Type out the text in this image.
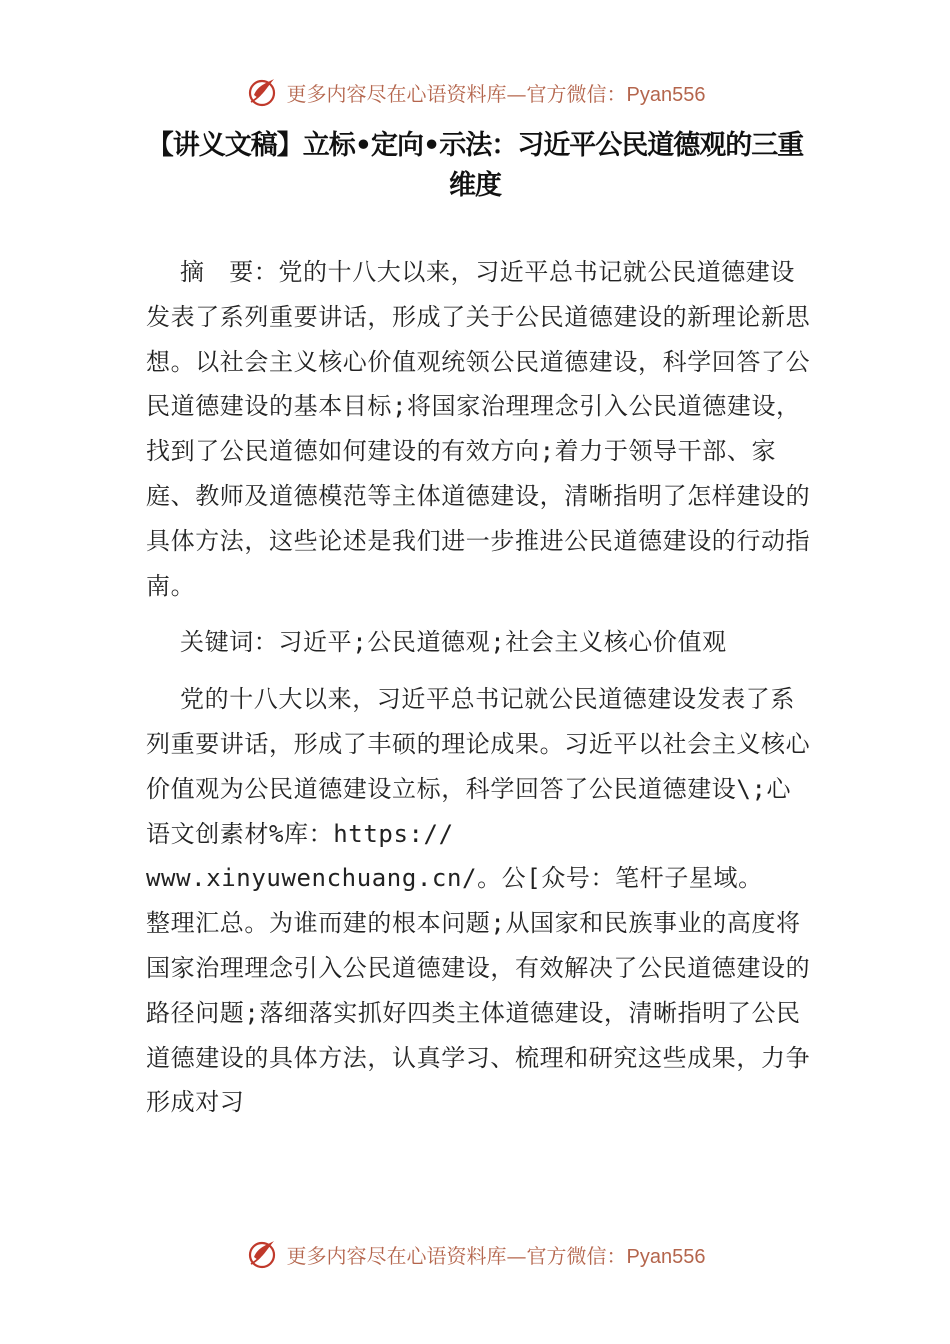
更多内容尽在心语资料库—官方微信：Pyan556
【讲义文稿】立标•定向•示法：习近平公民道德观的三重
维度

摘　要：党的十八大以来，习近平总书记就公民道德建设发表了系列重要讲话，形成了关于公民道德建设的新理论新思想。以社会主义核心价值观统领公民道德建设，科学回答了公民道德建设的基本目标;将国家治理理念引入公民道德建设，找到了公民道德如何建设的有效方向;着力于领导干部、家庭、教师及道德模范等主体道德建设，清晰指明了怎样建设的具体方法，这些论述是我们进一步推进公民道德建设的行动指南。

关键词：习近平;公民道德观;社会主义核心价值观

党的十八大以来，习近平总书记就公民道德建设发表了系列重要讲话，形成了丰硕的理论成果。习近平以社会主义核心价值观为公民道德建设立标，科学回答了公民道德建设\;心语文创素材%库：https://
www.xinyuwenchuang.cn/。公[众号：笔杆子星域。
整理汇总。为谁而建的根本问题;从国家和民族事业的高度将国家治理理念引入公民道德建设，有效解决了公民道德建设的路径问题;落细落实抓好四类主体道德建设，清晰指明了公民道德建设的具体方法，认真学习、梳理和研究这些成果，力争形成对习

更多内容尽在心语资料库—官方微信：Pyan556
